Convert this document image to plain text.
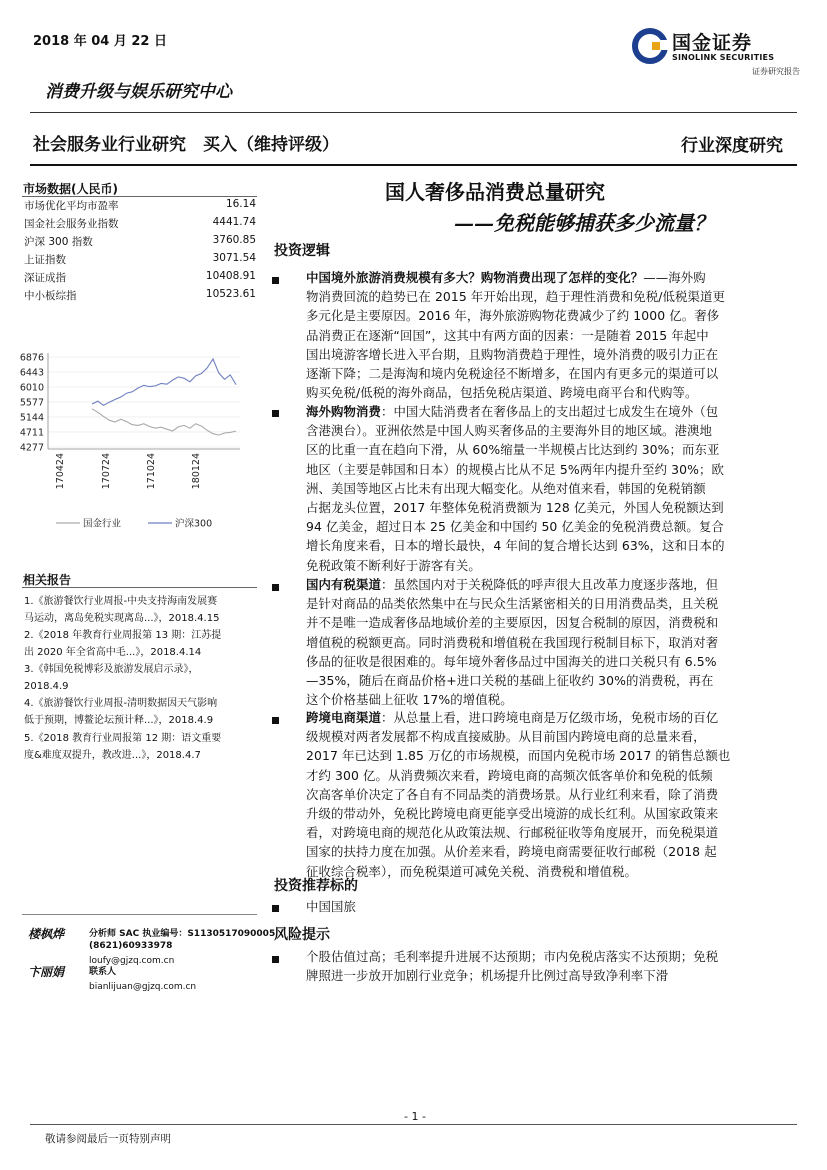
2018 年 04 月 22 日	国金证券
SINOLINK SECURITIES
证券研究报告
消费升级与娱乐研究中心
社会服务业行业研究　买入（维持评级）	行业深度研究
市场数据(人民币)
市场优化平均市盈率	16.14
国金社会服务业指数	4441.74
沪深 300 指数	3760.85
上证指数	3071.54
深证成指	10408.91
中小板综指	10523.61
6876
6443
6010
5577
5144
4711
4277
170424	170724	171024	180124
国金行业	沪深300
相关报告
1.《旅游餐饮行业周报-中央支持海南发展赛
马运动，离岛免税实现离岛...》，2018.4.15
2.《2018 年教育行业周报第 13 期：江苏提
出 2020 年全省高中毛...》，2018.4.14
3.《韩国免税博彩及旅游发展启示录》，
2018.4.9
4.《旅游餐饮行业周报-清明数据因天气影响
低于预期，博鳌论坛预计释...》，2018.4.9
5.《2018 教育行业周报第 12 期：语文重要
度&难度双提升，教改进...》，2018.4.7
楼枫烨	分析师 SAC 执业编号：S1130517090005
(8621)60933978
loufy@gjzq.com.cn
卞丽娟	联系人
bianlijuan@gjzq.com.cn
国人奢侈品消费总量研究
——免税能够捕获多少流量？
投资逻辑
中国境外旅游消费规模有多大？购物消费出现了怎样的变化？——海外购
物消费回流的趋势已在 2015 年开始出现，趋于理性消费和免税/低税渠道更
多元化是主要原因。2016 年，海外旅游购物花费减少了约 1000 亿。奢侈
品消费正在逐渐“回国”，这其中有两方面的因素：一是随着 2015 年起中
国出境游客增长进入平台期，且购物消费趋于理性，境外消费的吸引力正在
逐渐下降；二是海淘和境内免税途径不断增多，在国内有更多元的渠道可以
购买免税/低税的海外商品，包括免税店渠道、跨境电商平台和代购等。
海外购物消费：中国大陆消费者在奢侈品上的支出超过七成发生在境外（包
含港澳台）。亚洲依然是中国人购买奢侈品的主要海外目的地区域。港澳地
区的比重一直在趋向下滑，从 60%缩量一半规模占比达到约 30%；而东亚
地区（主要是韩国和日本）的规模占比从不足 5%两年内提升至约 30%；欧
洲、美国等地区占比未有出现大幅变化。从绝对值来看，韩国的免税销额
占据龙头位置，2017 年整体免税消费额为 128 亿美元，外国人免税额达到
94 亿美金，超过日本 25 亿美金和中国约 50 亿美金的免税消费总额。复合
增长角度来看，日本的增长最快，4 年间的复合增长达到 63%，这和日本的
免税政策不断利好于游客有关。
国内有税渠道：虽然国内对于关税降低的呼声很大且改革力度逐步落地，但
是针对商品的品类依然集中在与民众生活紧密相关的日用消费品类，且关税
并不是唯一造成奢侈品地域价差的主要原因，因复合税制的原因，消费税和
增值税的税额更高。同时消费税和增值税在我国现行税制目标下，取消对奢
侈品的征收是很困难的。每年境外奢侈品过中国海关的进口关税只有 6.5%
—35%，随后在商品价格+进口关税的基础上征收约 30%的消费税，再在
这个价格基础上征收 17%的增值税。
跨境电商渠道：从总量上看，进口跨境电商是万亿级市场，免税市场的百亿
级规模对两者发展都不构成直接威胁。从目前国内跨境电商的总量来看，
2017 年已达到 1.85 万亿的市场规模，而国内免税市场 2017 的销售总额也
才约 300 亿。从消费频次来看，跨境电商的高频次低客单价和免税的低频
次高客单价决定了各自有不同品类的消费场景。从行业红利来看，除了消费
升级的带动外，免税比跨境电商更能享受出境游的成长红利。从国家政策来
看，对跨境电商的规范化从政策法规、行邮税征收等角度展开，而免税渠道
国家的扶持力度在加强。从价差来看，跨境电商需要征收行邮税（2018 起
征收综合税率），而免税渠道可减免关税、消费税和增值税。
投资推荐标的
中国国旅
风险提示
个股估值过高；毛利率提升进展不达预期；市内免税店落实不达预期；免税
牌照进一步放开加剧行业竞争；机场提升比例过高导致净利率下滑
- 1 -
敬请参阅最后一页特别声明
